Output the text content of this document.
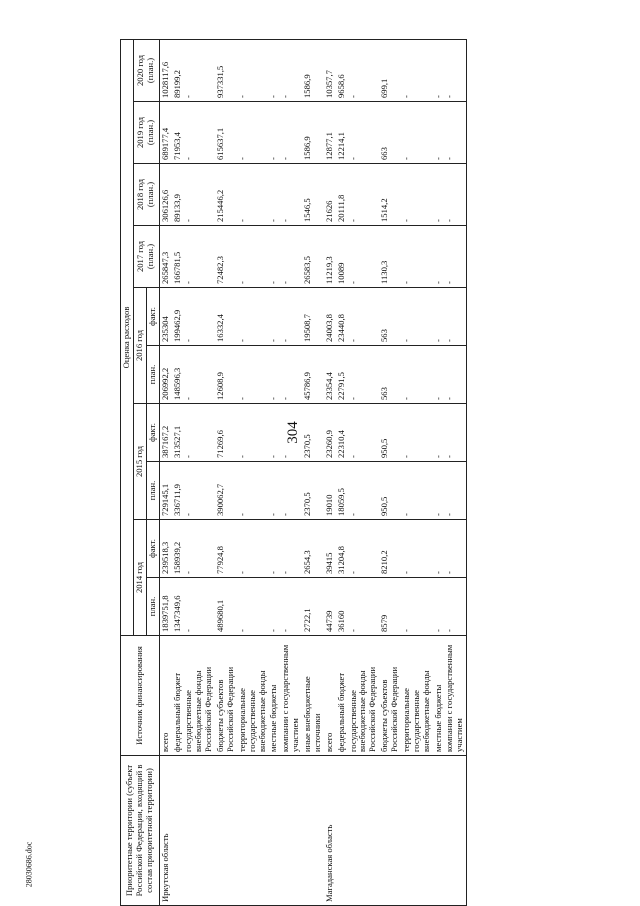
304
28030686.doc	Приоритетные территории (субъект Российской Федерации, входящий в состав приоритетной территории)	Источник финансирования	Оценка расходов									
		2014 год		2015 год		2016 год		2017 год (план.)	2018 год (план.)	2019 год (план.)	2020 год (план.)
						план.	факт.				
		план.	факт.	план.	факт.						
Иркутская область	всего	1839751,8	239518,3	729145,1	387167,2	206992,2	235304	265847,3	306126,6	689177,4	1028117,6
	федеральный бюджет	1347349,6	158939,2	336711,9	313527,1	148596,3	199462,9	166781,5	89133,9	71953,4	89199,2
	государственные внебюджетные фонды Российской Федерации	-	-	-	-	-	-	-	-	-	-
	бюджеты субъектов Российской Федерации	489680,1	77924,8	390062,7	71269,6	12608,9	16332,4	72482,3	215446,2	615637,1	937331,5
	территориальные государственные внебюджетные фонды	-	-	-	-	-	-	-	-	-	-
	местные бюджеты	-	-	-	-	-	-	-	-	-	-
	компании с государственным участием	-	-	-	-	-	-	-	-	-	-
	иные внебюджетные источники	2722,1	2654,3	2370,5	2370,5	45786,9	19508,7	26583,5	1546,5	1586,9	1586,9
Магаданская область	всего	44739	39415	19010	23260,9	23354,4	24003,8	11219,3	21626	12877,1	10357,7
	федеральный бюджет	36160	31204,8	18059,5	22310,4	22791,5	23440,8	10089	20111,8	12214,1	9658,6
	государственные внебюджетные фонды Российской Федерации	-	-	-	-	-	-	-	-	-	-
	бюджеты субъектов Российской Федерации	8579	8210,2	950,5	950,5	563	563	1130,3	1514,2	663	699,1
	территориальные государственные внебюджетные фонды	-	-	-	-	-	-	-	-	-	-
	местные бюджеты	-	-	-	-	-	-	-	-	-	-
	компании с государственным участием	-	-	-	-	-	-	-	-	-	-
